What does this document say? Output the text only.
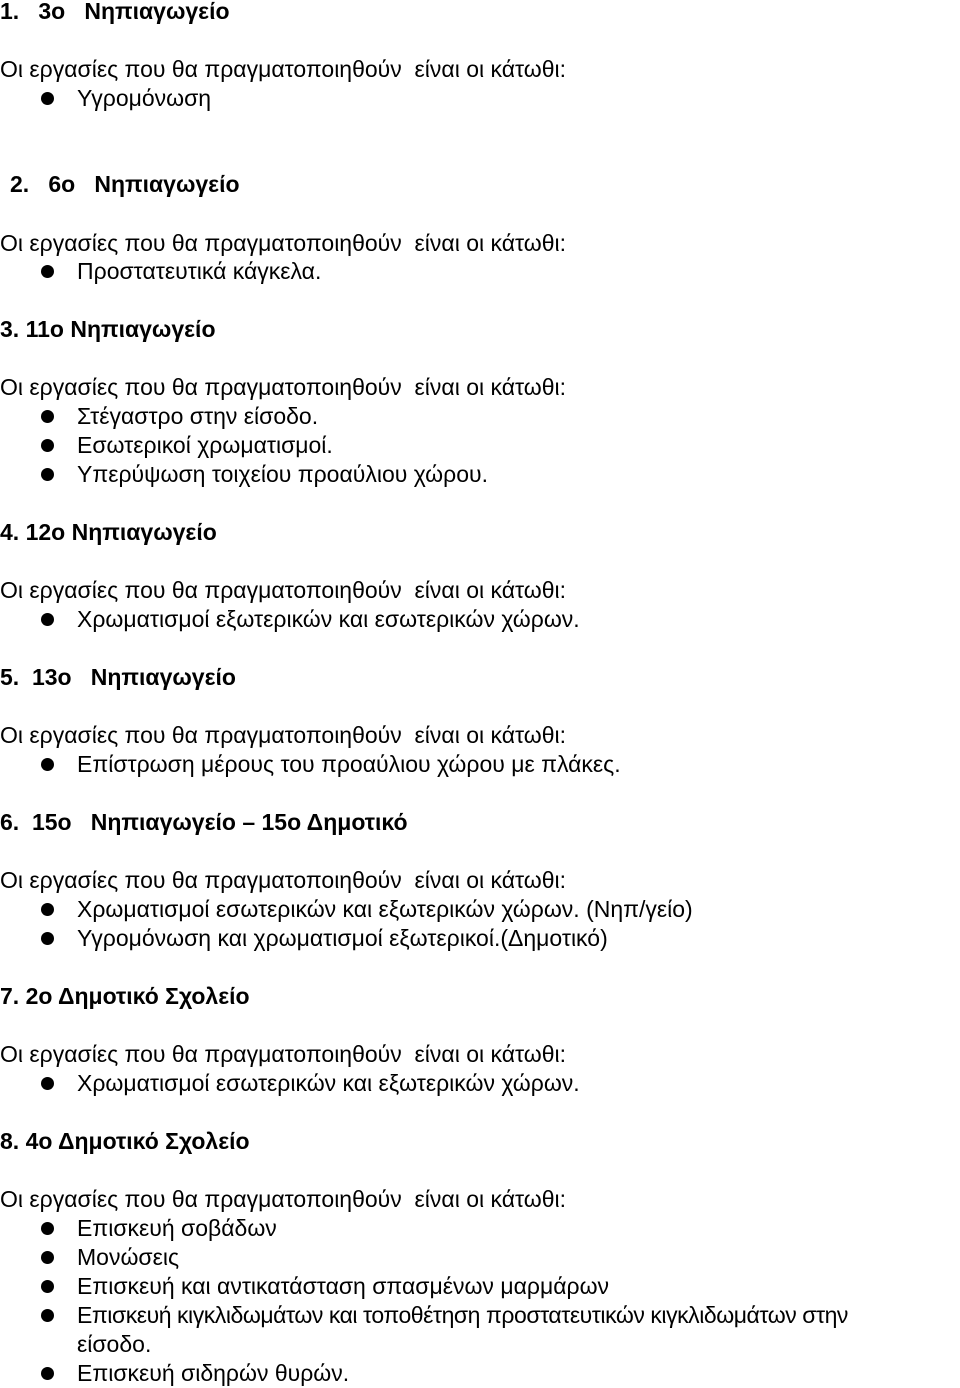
1. 3ο   Νηπιαγωγείο
Οι εργασίες που θα πραγματοποιηθούν  είναι οι κάτωθι:
Υγρομόνωση
2. 6ο   Νηπιαγωγείο
Οι εργασίες που θα πραγματοποιηθούν  είναι οι κάτωθι:
Προστατευτικά κάγκελα.
3. 11ο Νηπιαγωγείο
Οι εργασίες που θα πραγματοποιηθούν  είναι οι κάτωθι:
Στέγαστρο στην είσοδο.
Εσωτερικοί χρωματισμοί.
Υπερύψωση τοιχείου προαύλιου χώρου.
4. 12ο Νηπιαγωγείο
Οι εργασίες που θα πραγματοποιηθούν  είναι οι κάτωθι:
Χρωματισμοί εξωτερικών και εσωτερικών χώρων.
5. 13ο   Νηπιαγωγείο
Οι εργασίες που θα πραγματοποιηθούν  είναι οι κάτωθι:
Επίστρωση μέρους του προαύλιου χώρου με πλάκες.
6. 15ο   Νηπιαγωγείο – 15ο Δημοτικό
Οι εργασίες που θα πραγματοποιηθούν  είναι οι κάτωθι:
Χρωματισμοί εσωτερικών και εξωτερικών χώρων. (Νηπ/γείο)
Υγρομόνωση και χρωματισμοί εξωτερικοί.(Δημοτικό)
7. 2ο Δημοτικό Σχολείο
Οι εργασίες που θα πραγματοποιηθούν  είναι οι κάτωθι:
Χρωματισμοί εσωτερικών και εξωτερικών χώρων.
8. 4ο Δημοτικό Σχολείο
Οι εργασίες που θα πραγματοποιηθούν  είναι οι κάτωθι:
Επισκευή σοβάδων
Μονώσεις
Επισκευή και αντικατάσταση σπασμένων μαρμάρων
Επισκευή κιγκλιδωμάτων και τοποθέτηση προστατευτικών κιγκλιδωμάτων στην
είσοδο.
Επισκευή σιδηρών θυρών.
